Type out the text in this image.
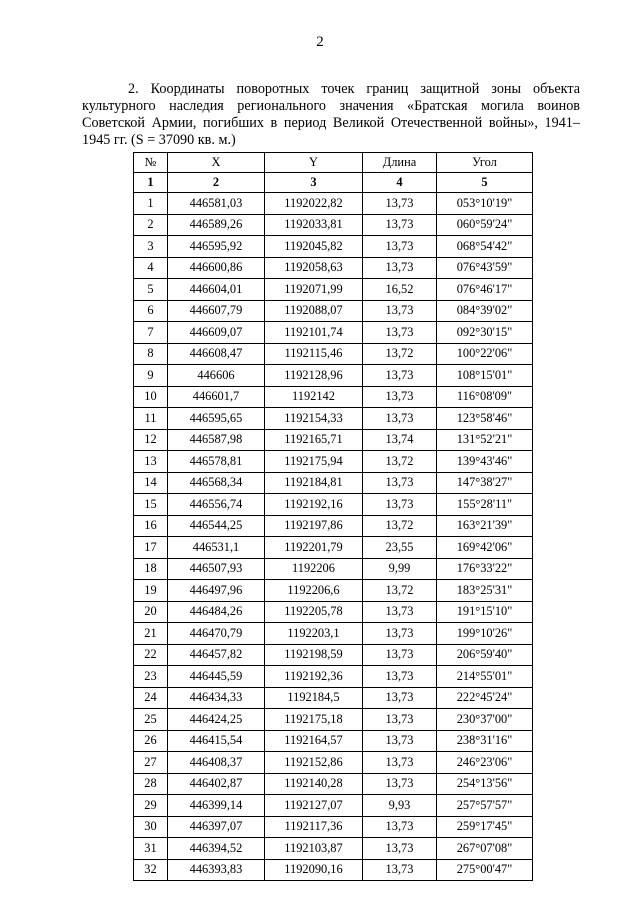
2

2. Координаты поворотных точек границ защитной зоны объекта культурного наследия регионального значения «Братская могила воинов Советской Армии, погибших в период Великой Отечественной войны», 1941–1945 гг. (S = 37090 кв. м.)

№	X	Y	Длина	Угол
1	2	3	4	5
1	446581,03	1192022,82	13,73	053°10'19"
2	446589,26	1192033,81	13,73	060°59'24"
3	446595,92	1192045,82	13,73	068°54'42"
4	446600,86	1192058,63	13,73	076°43'59"
5	446604,01	1192071,99	16,52	076°46'17"
6	446607,79	1192088,07	13,73	084°39'02"
7	446609,07	1192101,74	13,73	092°30'15"
8	446608,47	1192115,46	13,72	100°22'06"
9	446606	1192128,96	13,73	108°15'01"
10	446601,7	1192142	13,73	116°08'09"
11	446595,65	1192154,33	13,73	123°58'46"
12	446587,98	1192165,71	13,74	131°52'21"
13	446578,81	1192175,94	13,72	139°43'46"
14	446568,34	1192184,81	13,73	147°38'27"
15	446556,74	1192192,16	13,73	155°28'11"
16	446544,25	1192197,86	13,72	163°21'39"
17	446531,1	1192201,79	23,55	169°42'06"
18	446507,93	1192206	9,99	176°33'22"
19	446497,96	1192206,6	13,72	183°25'31"
20	446484,26	1192205,78	13,73	191°15'10"
21	446470,79	1192203,1	13,73	199°10'26"
22	446457,82	1192198,59	13,73	206°59'40"
23	446445,59	1192192,36	13,73	214°55'01"
24	446434,33	1192184,5	13,73	222°45'24"
25	446424,25	1192175,18	13,73	230°37'00"
26	446415,54	1192164,57	13,73	238°31'16"
27	446408,37	1192152,86	13,73	246°23'06"
28	446402,87	1192140,28	13,73	254°13'56"
29	446399,14	1192127,07	9,93	257°57'57"
30	446397,07	1192117,36	13,73	259°17'45"
31	446394,52	1192103,87	13,73	267°07'08"
32	446393,83	1192090,16	13,73	275°00'47"
